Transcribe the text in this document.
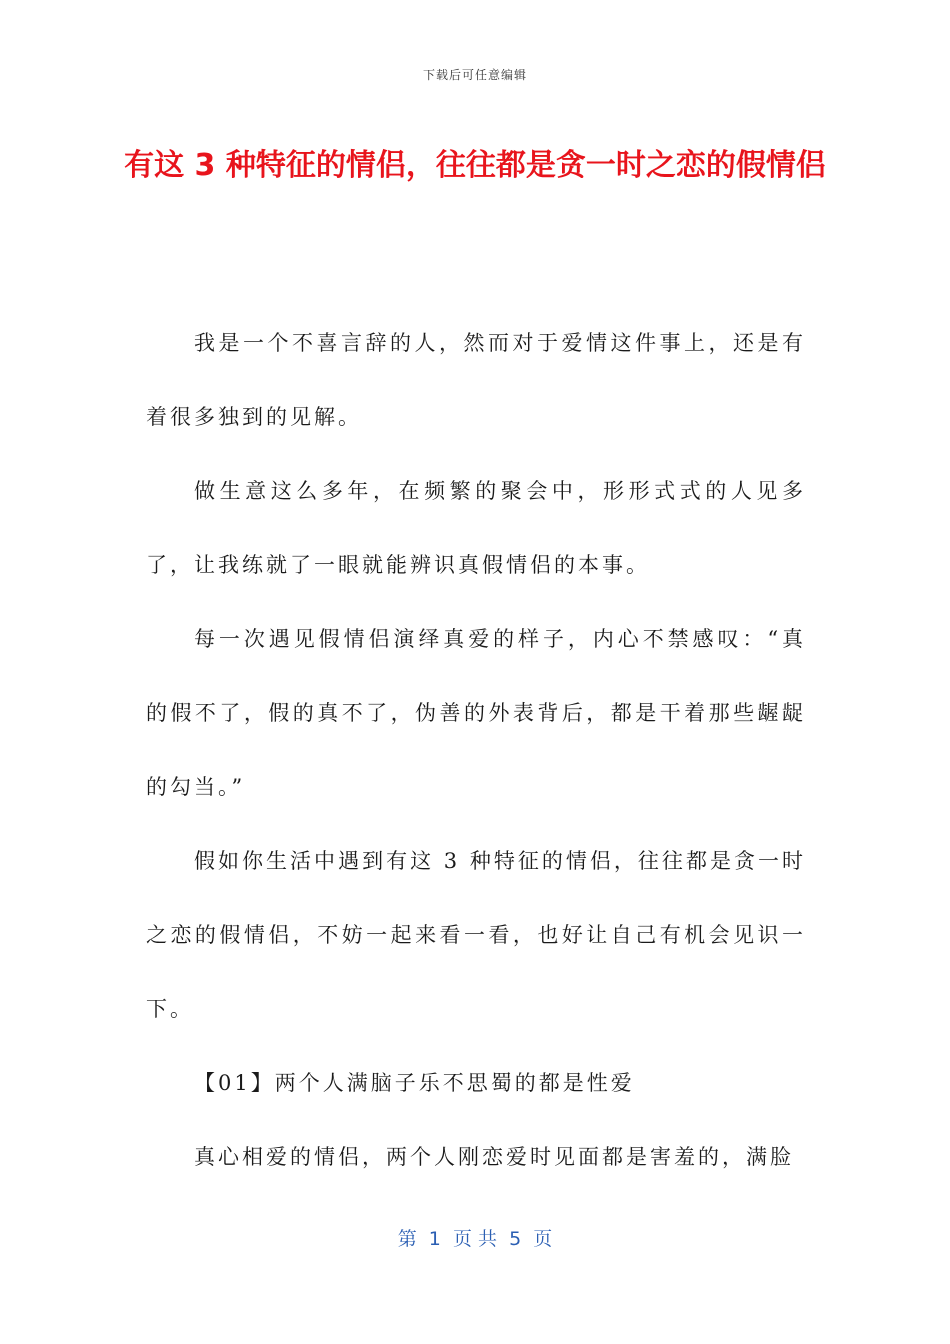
下载后可任意编辑
有这 3 种特征的情侣，往往都是贪一时之恋的假情侣

我是一个不喜言辞的人，然而对于爱情这件事上，还是有着很多独到的见解。

做生意这么多年，在频繁的聚会中，形形式式的人见多了，让我练就了一眼就能辨识真假情侣的本事。

每一次遇见假情侣演绎真爱的样子，内心不禁感叹：“真的假不了，假的真不了，伪善的外表背后，都是干着那些龌龊的勾当。”

假如你生活中遇到有这 3 种特征的情侣，往往都是贪一时之恋的假情侣，不妨一起来看一看，也好让自己有机会见识一下。

【01】两个人满脑子乐不思蜀的都是性爱

真心相爱的情侣，两个人刚恋爱时见面都是害羞的，满脸

第  1  页 共  5  页
